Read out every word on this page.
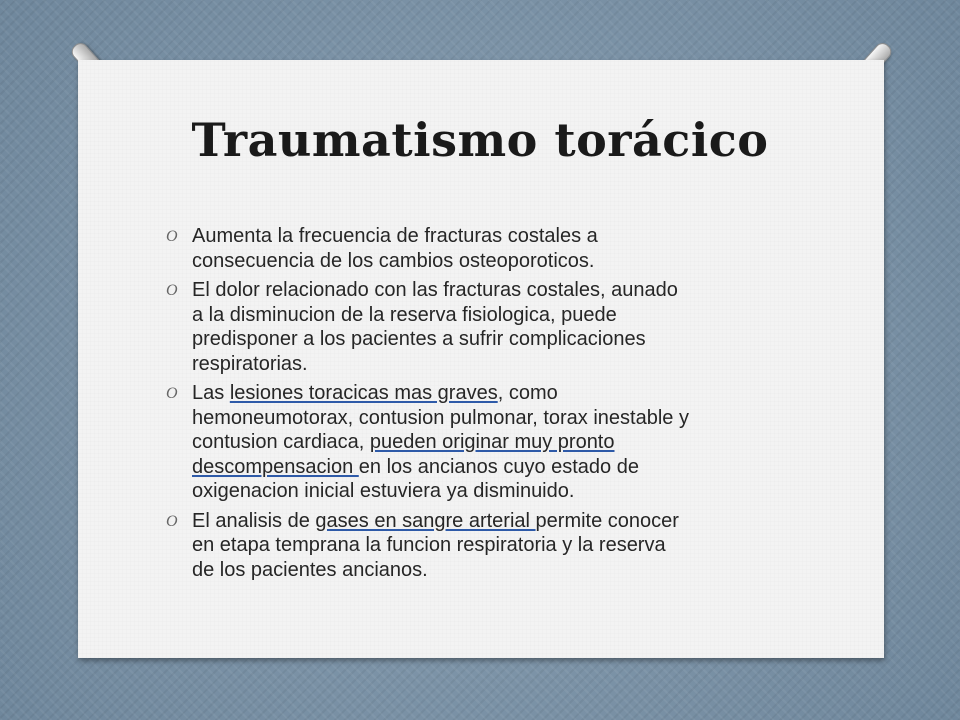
Traumatismo torácico
O Aumenta la frecuencia de fracturas costales a
consecuencia de los cambios osteoporoticos.
O El dolor relacionado con las fracturas costales, aunado
a la disminucion de la reserva fisiologica, puede
predisponer a los pacientes a sufrir complicaciones
respiratorias.
O Las lesiones toracicas mas graves, como
hemoneumotorax, contusion pulmonar, torax inestable y
contusion cardiaca, pueden originar muy pronto
descompensacion en los ancianos cuyo estado de
oxigenacion inicial estuviera ya disminuido.
O El analisis de gases en sangre arterial permite conocer
en etapa temprana la funcion respiratoria y la reserva
de los pacientes ancianos.
